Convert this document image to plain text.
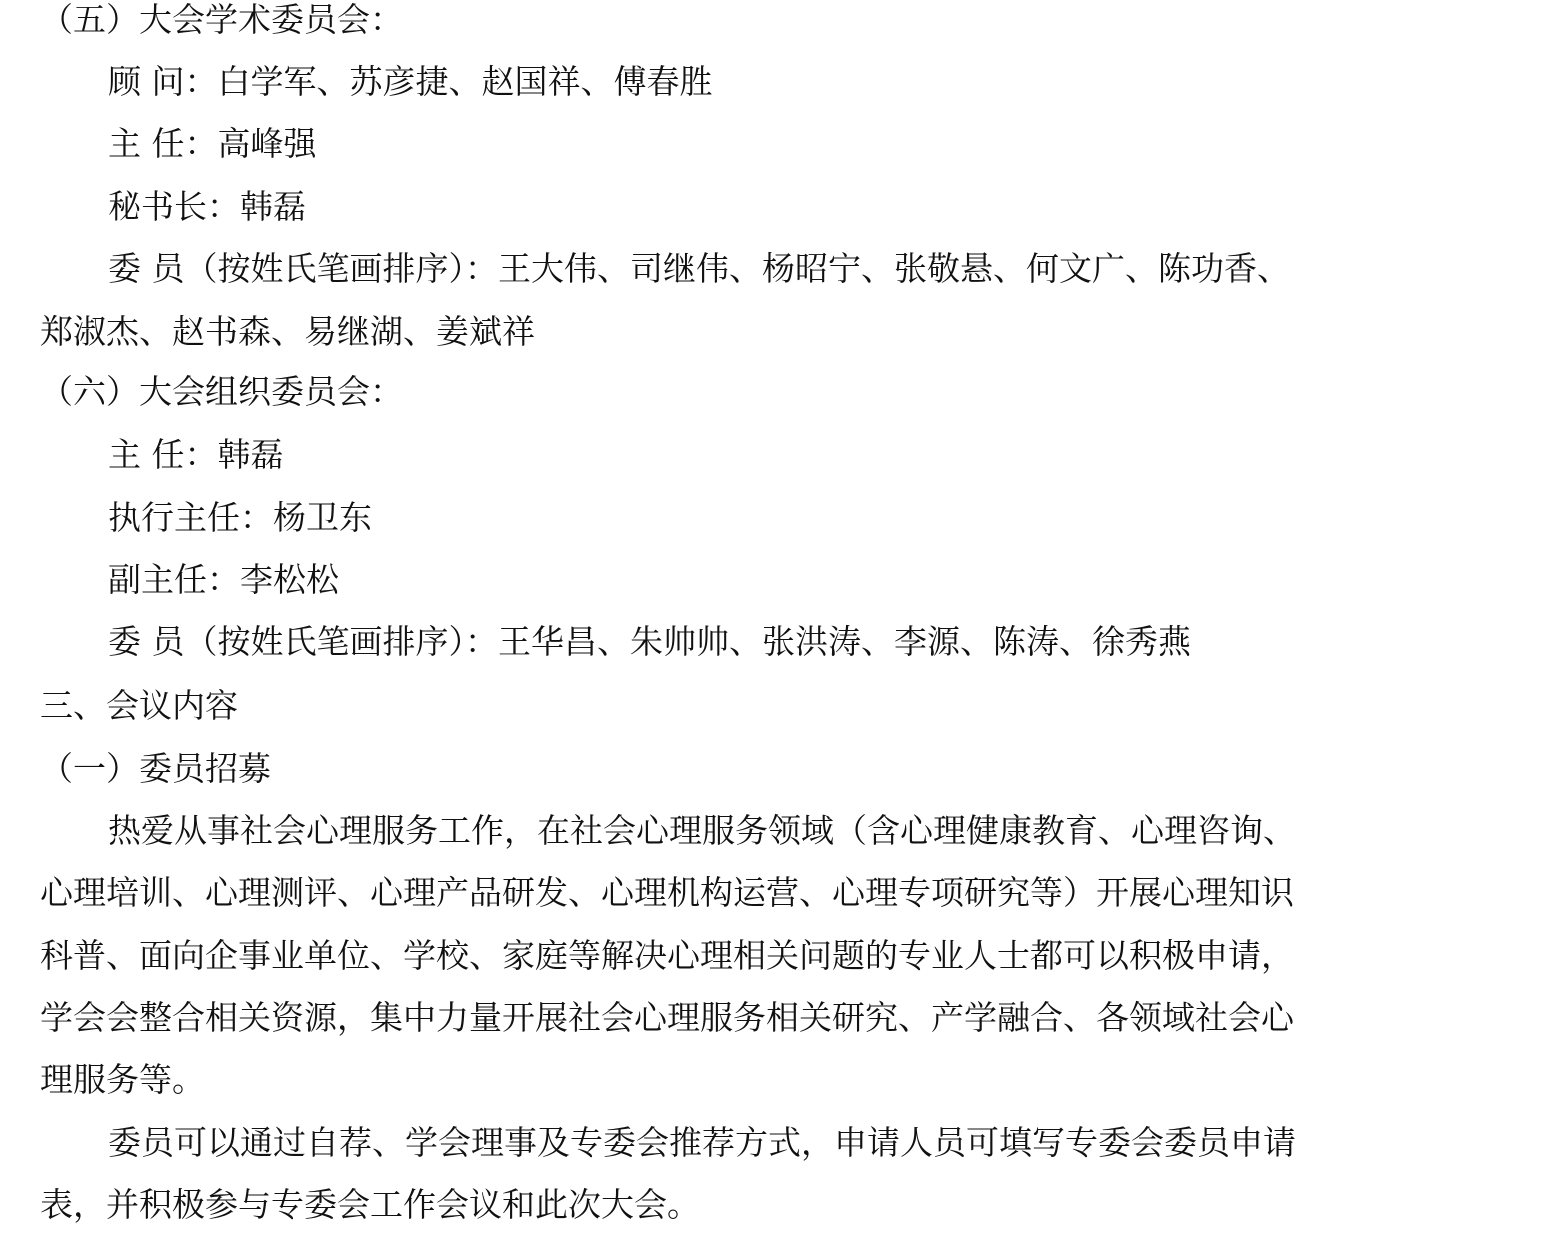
（五）大会学术委员会：
顾 问：白学军、苏彦捷、赵国祥、傅春胜
主 任：高峰强
秘书长：韩磊
委 员（按姓氏笔画排序）：王大伟、司继伟、杨昭宁、张敬悬、何文广、陈功香、
郑淑杰、赵书森、易继湖、姜斌祥
（六）大会组织委员会：
主 任：韩磊
执行主任：杨卫东
副主任：李松松
委 员（按姓氏笔画排序）：王华昌、朱帅帅、张洪涛、李源、陈涛、徐秀燕
三、会议内容
（一）委员招募
热爱从事社会心理服务工作，在社会心理服务领域（含心理健康教育、心理咨询、
心理培训、心理测评、心理产品研发、心理机构运营、心理专项研究等）开展心理知识
科普、面向企事业单位、学校、家庭等解决心理相关问题的专业人士都可以积极申请，
学会会整合相关资源，集中力量开展社会心理服务相关研究、产学融合、各领域社会心
理服务等。
委员可以通过自荐、学会理事及专委会推荐方式，申请人员可填写专委会委员申请
表，并积极参与专委会工作会议和此次大会。
